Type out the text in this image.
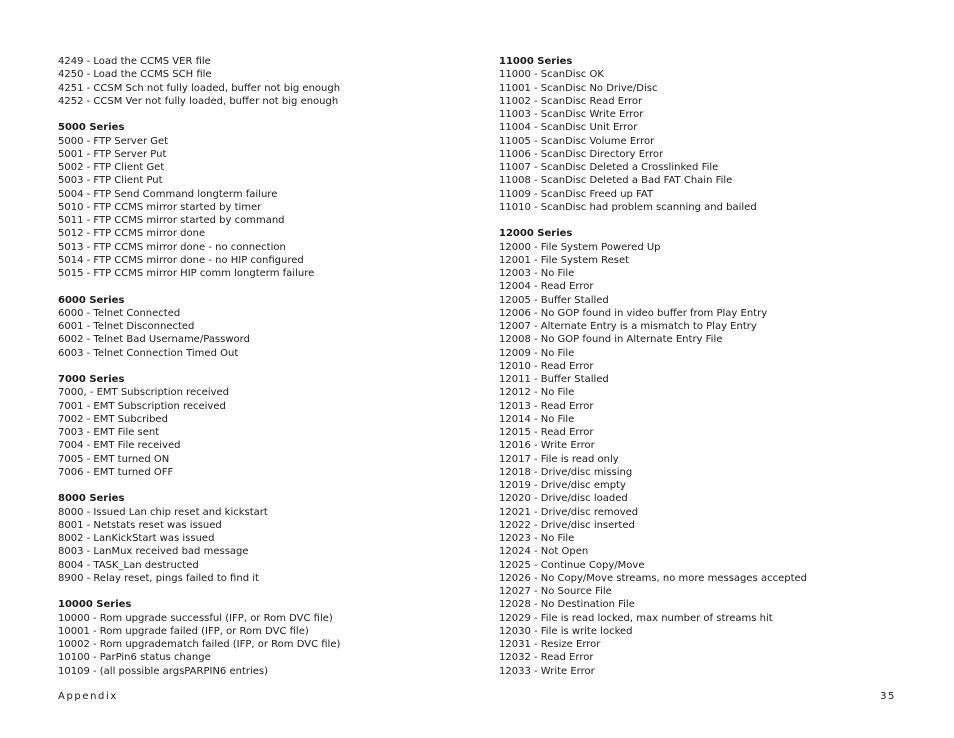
4249 - Load the CCMS VER file
4250 - Load the CCMS SCH file
4251 - CCSM Sch not fully loaded, buffer not big enough
4252 - CCSM Ver not fully loaded, buffer not big enough
5000 Series
5000 - FTP Server Get
5001 - FTP Server Put
5002 - FTP Client Get
5003 - FTP Client Put
5004 - FTP Send Command longterm failure
5010 - FTP CCMS mirror started by timer
5011 - FTP CCMS mirror started by command
5012 - FTP CCMS mirror done
5013 - FTP CCMS mirror done - no connection
5014 - FTP CCMS mirror done - no HIP configured
5015 - FTP CCMS mirror HIP comm longterm failure
6000 Series
6000 - Telnet Connected
6001 - Telnet Disconnected
6002 - Telnet Bad Username/Password
6003 - Telnet Connection Timed Out
7000 Series
7000, - EMT Subscription received
7001 - EMT Subscription received
7002 - EMT Subcribed
7003 - EMT File sent
7004 - EMT File received
7005 - EMT turned ON
7006 - EMT turned OFF
8000 Series
8000 - Issued Lan chip reset and kickstart
8001 - Netstats reset was issued
8002 - LanKickStart was issued
8003 - LanMux received bad message
8004 - TASK_Lan destructed
8900 - Relay reset, pings failed to find it
10000 Series
10000 - Rom upgrade successful (IFP, or Rom DVC file)
10001 - Rom upgrade failed (IFP, or Rom DVC file)
10002 - Rom upgradematch failed (IFP, or Rom DVC file)
10100 - ParPin6 status change
10109 - (all possible argsPARPIN6 entries)
11000 Series
11000 - ScanDisc OK
11001 - ScanDisc No Drive/Disc
11002 - ScanDisc Read Error
11003 - ScanDisc Write Error
11004 - ScanDisc Unit Error
11005 - ScanDisc Volume Error
11006 - ScanDisc Directory Error
11007 - ScanDisc Deleted a Crosslinked File
11008 - ScanDisc Deleted a Bad FAT Chain File
11009 - ScanDisc Freed up FAT
11010 - ScanDisc had problem scanning and bailed
12000 Series
12000 - File System Powered Up
12001 - File System Reset
12003 - No File
12004 - Read Error
12005 - Buffer Stalled
12006 - No GOP found in video buffer from Play Entry
12007 - Alternate Entry is a mismatch to Play Entry
12008 - No GOP found in Alternate Entry File
12009 - No File
12010 - Read Error
12011 - Buffer Stalled
12012 - No File
12013 - Read Error
12014 - No File
12015 - Read Error
12016 - Write Error
12017 - File is read only
12018 - Drive/disc missing
12019 - Drive/disc empty
12020 - Drive/disc loaded
12021 - Drive/disc removed
12022 - Drive/disc inserted
12023 - No File
12024 - Not Open
12025 - Continue Copy/Move
12026 - No Copy/Move streams, no more messages accepted
12027 - No Source File
12028 - No Destination File
12029 - File is read locked, max number of streams hit
12030 - File is write locked
12031 - Resize Error
12032 - Read Error
12033 - Write Error
Appendix	35
